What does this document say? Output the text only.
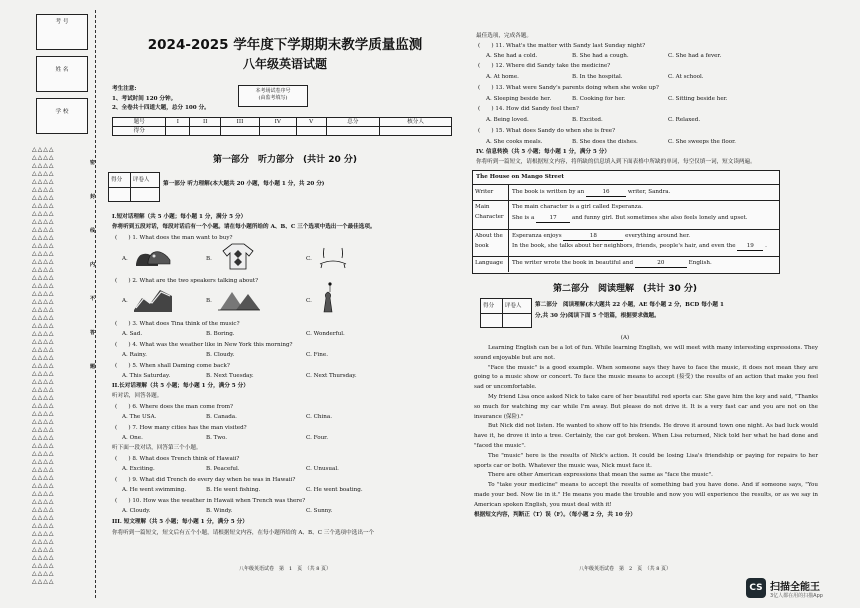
考 号
姓 名
学 校
△△△△
△△△△
△△△△
△△△△
△△△△
△△△△
△△△△
△△△△
△△△△
△△△△
△△△△
△△△△
△△△△
△△△△
△△△△
△△△△
△△△△
△△△△
△△△△
△△△△
△△△△
△△△△
△△△△
△△△△
△△△△
△△△△
△△△△
△△△△
△△△△
△△△△
△△△△
△△△△
△△△△
△△△△
△△△△
△△△△
△△△△
△△△△
△△△△
△△△△
△△△△
△△△△
△△△△
△△△△
△△△△
△△△△
△△△△
△△△△
△△△△
△△△△
△△△△
△△△△
△△△△
△△△△
△△△△
密
封
线
内
不
答
题
2024-2025 学年度下学期期末教学质量监测
八年级英语试题
考生注意:
1、考试时间 120 分钟。
2、全卷共十四道大题，总分 100 分。
本考场试卷序号
(由监考填写)
题号	I	II	III	IV	V	总分	核分人
得分							
第一部分　听力部分　(共计 20 分)
得分	评卷人

第一部分 听力理解(本大题共 20 小题，每小题 1 分，共 20 分)
I.短对话理解（共 5 小题；每小题 1 分，满分 5 分）
你将听到五段对话，每段对话后有一个小题。请在每小题所给的 A、B、C 三个选项中选出一个最佳选项。
(　　) 1. What does the man want to buy?
A.	B.	C.
(　　) 2. What are the two speakers talking about?
A.	B.	C.
(　　) 3. What does Tina think of the music?
A. Sad.	B. Boring.	C. Wonderful.
(　　) 4. What was the weather like in New York this morning?
A. Rainy.	B. Cloudy.	C. Fine.
(　　) 5. When shall Daming come back?
A. This Saturday.	B. Next Tuesday.	C. Next Thursday.
II.长对话理解（共 5 小题；每小题 1 分，满分 5 分）
听对话，回答各题。
(　　) 6. Where does the man come from?
A. The USA.	B. Canada.	C. China.
(　　) 7. How many cities has the man visited?
A. One.	B. Two.	C. Four.
听下面一段对话，回答第三个小题。
(　　) 8. What does Trench think of Hawaii?
A. Exciting.	B. Peaceful.	C. Unusual.
(　　) 9. What did Trench do every day when he was in Hawaii?
A. He went swimming.	B. He went fishing.	C. He went boating.
(　　) 10. How was the weather in Hawaii when Trench was there?
A. Cloudy.	B. Windy.	C. Sunny.
III. 短文理解（共 5 小题；每小题 1 分，满分 5 分）
你将听到一篇短文，短文后有五个小题，请根据短文内容，在每小题所给的 A、B、C 三个选项中选出一个
八年级英语试卷　第　1　页　（共 8 页）
最佳选项，完成各题。
(　　) 11. What's the matter with Sandy last Sunday night?
A. She had a cold.	B. She had a cough.	C. She had a fever.
(　　) 12. Where did Sandy take the medicine?
A. At home.	B. In the hospital.	C. At school.
(　　) 13. What were Sandy's parents doing when she woke up?
A. Sleeping beside her.	B. Cooking for her.	C. Sitting beside her.
(　　) 14. How did Sandy feel then?
A. Being loved.	B. Excited.	C. Relaxed.
(　　) 15. What does Sandy do when she is free?
A. She cooks meals.	B. She does the dishes.	C. She sweeps the floor.
IV. 信息转换（共 5 小题；每小题 1 分，满分 5 分）
你将听到一篇短文，请根据短文内容，将所缺的信息填入到下面表格中所缺的单词，每空仅填一词，短文读两遍。
The House on Mango Street
Writer	The book is written by an	16	writer, Sandra.
Main
Character
The main character is a girl called Esperanza.
She is a	17	and funny girl. But sometimes she also feels lonely and upset.
About the
book
Esperanza enjoys	18	everything around her.
In the book, she talks about her neighbors, friends, people's hair, and even the 19 .
Language The writer wrote the book in beautiful and	20	English.
第二部分　阅读理解　(共计 30 分)
得分	评卷人
	第二部分　阅读理解(本大题共 22 小题，AE 每小题 2 分，BCD 每小题 1
分,共 30 分)阅读下面 5 个语篇，根据要求做题。
(A)
Learning English can be a lot of fun. While learning English, we will meet with many interesting expressions. They sound enjoyable but are not.
"Face the music" is a good example. When someone says they have to face the music, it does not mean they are going to a music show or concert. To face the music means to accept (接受) the results of an action that make you feel sad or uncomfortable.
My friend Lisa once asked Nick to take care of her beautiful red sports car. She gave him the key and said, "Thanks so much for watching my car while I'm away. But please do not drive it. It is a very fast car and you are not on the insurance (保险)."
But Nick did not listen. He wanted to show off to his friends. He drove it around town one night. As bad luck would have it, he drove it into a tree. Certainly, the car got broken. When Lisa returned, Nick told her what he had done and "faced the music".
The "music" here is the results of Nick's action. It could be losing Lisa's friendship or paying for repairs to her sports car or both. Whatever the music was, Nick must face it.
There are other American expressions that mean the same as "face the music".
To "take your medicine" means to accept the results of something bad you have done. And if someone says, "You made your bed. Now lie in it." He means you made the trouble and now you will experience the results, or as we say in American spoken English, you must deal with it!
根据短文内容，判断正（T）误（F）。（每小题 2 分，共 10 分）
八年级英语试卷　第　2　页　（共 8 页）
CS 扫描全能王
3亿人都在用的扫描App
